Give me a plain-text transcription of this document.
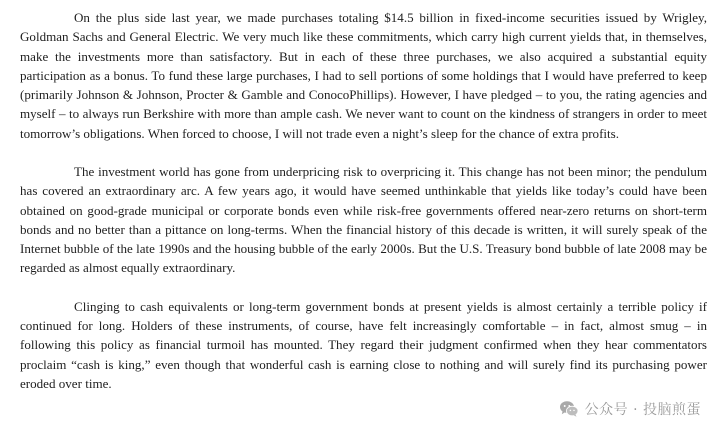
On the plus side last year, we made purchases totaling $14.5 billion in fixed-income securities issued by Wrigley, Goldman Sachs and General Electric. We very much like these commitments, which carry high current yields that, in themselves, make the investments more than satisfactory. But in each of these three purchases, we also acquired a substantial equity participation as a bonus. To fund these large purchases, I had to sell portions of some holdings that I would have preferred to keep (primarily Johnson & Johnson, Procter & Gamble and ConocoPhillips). However, I have pledged – to you, the rating agencies and myself – to always run Berkshire with more than ample cash. We never want to count on the kindness of strangers in order to meet tomorrow’s obligations. When forced to choose, I will not trade even a night’s sleep for the chance of extra profits.

The investment world has gone from underpricing risk to overpricing it. This change has not been minor; the pendulum has covered an extraordinary arc. A few years ago, it would have seemed unthinkable that yields like today’s could have been obtained on good-grade municipal or corporate bonds even while risk-free governments offered near-zero returns on short-term bonds and no better than a pittance on long-terms. When the financial history of this decade is written, it will surely speak of the Internet bubble of the late 1990s and the housing bubble of the early 2000s. But the U.S. Treasury bond bubble of late 2008 may be regarded as almost equally extraordinary.

Clinging to cash equivalents or long-term government bonds at present yields is almost certainly a terrible policy if continued for long. Holders of these instruments, of course, have felt increasingly comfortable – in fact, almost smug – in following this policy as financial turmoil has mounted. They regard their judgment confirmed when they hear commentators proclaim “cash is king,” even though that wonderful cash is earning close to nothing and will surely find its purchasing power eroded over time.

公众号 · 投脑煎蛋
